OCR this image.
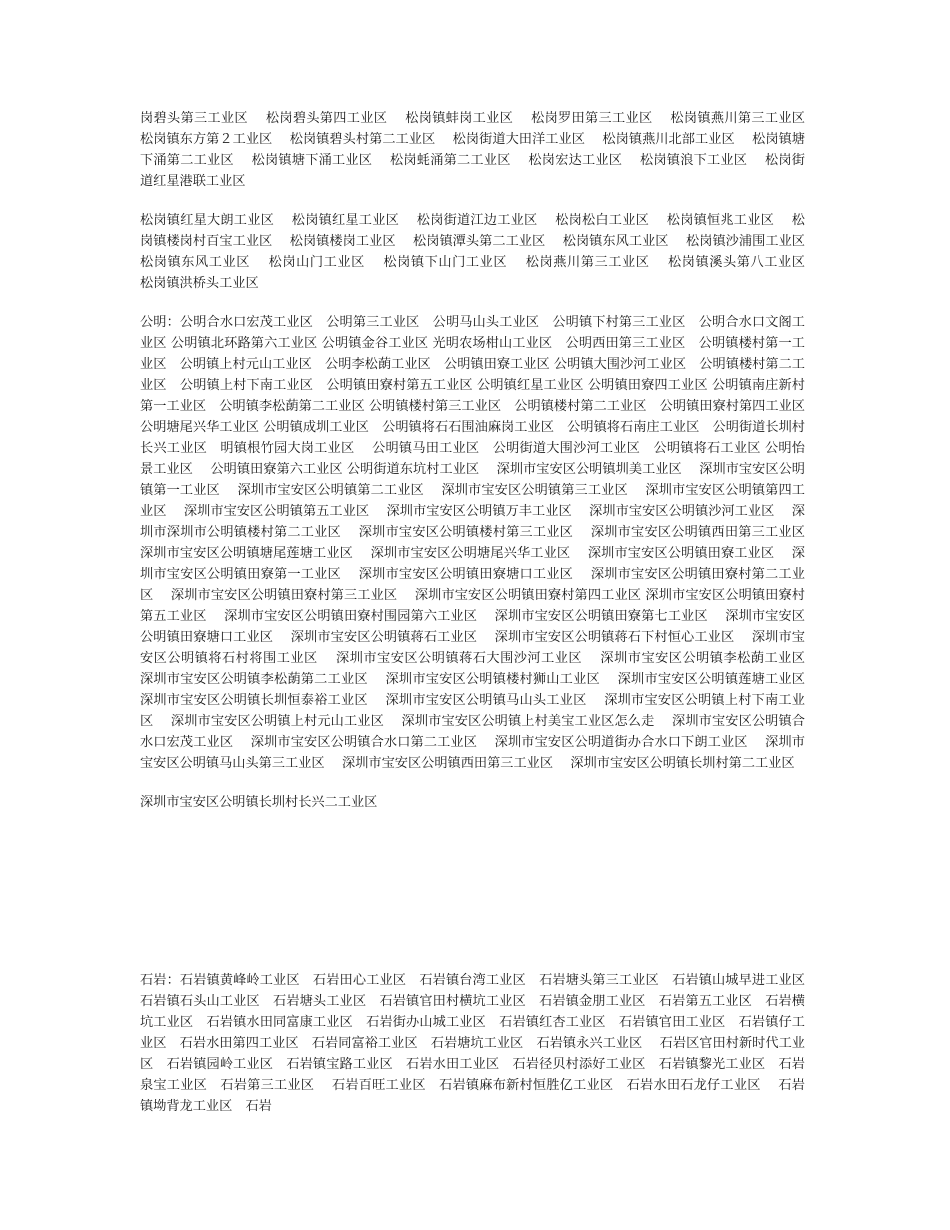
岗碧头第三工业区　 松岗碧头第四工业区　 松岗镇蚌岗工业区　 松岗罗田第三工业区　 松岗镇燕川第三工业区　 松岗镇东方第２工业区　 松岗镇碧头村第二工业区　 松岗街道大田洋工业区　 松岗镇燕川北部工业区　 松岗镇塘下涌第二工业区　 松岗镇塘下涌工业区　 松岗蚝涌第二工业区　 松岗宏达工业区　 松岗镇浪下工业区　 松岗街道红星港联工业区

松岗镇红星大朗工业区　 松岗镇红星工业区　 松岗街道江边工业区　 松岗松白工业区　 松岗镇恒兆工业区　 松岗镇楼岗村百宝工业区　 松岗镇楼岗工业区　 松岗镇潭头第二工业区　 松岗镇东风工业区　 松岗镇沙浦围工业区　 松岗镇东风工业区　 松岗山门工业区　 松岗镇下山门工业区　 松岗燕川第三工业区　 松岗镇溪头第八工业区　 松岗镇洪桥头工业区

公明：公明合水口宏茂工业区　公明第三工业区　公明马山头工业区　公明镇下村第三工业区　公明合水口文阁工业区 公明镇北环路第六工业区 公明镇金谷工业区 光明农场柑山工业区　公明西田第三工业区　公明镇楼村第一工业区　公明镇上村元山工业区　公明李松蓢工业区　公明镇田寮工业区 公明镇大围沙河工业区　公明镇楼村第二工业区　公明镇上村下南工业区　公明镇田寮村第五工业区 公明镇红星工业区 公明镇田寮四工业区 公明镇南庄新村第一工业区　公明镇李松蓢第二工业区 公明镇楼村第三工业区　公明镇楼村第二工业区　公明镇田寮村第四工业区　公明塘尾兴华工业区 公明镇成圳工业区　公明镇将石石围油麻岗工业区　公明镇将石南庄工业区　公明街道长圳村长兴工业区　明镇根竹园大岗工业区　 公明镇马田工业区　公明街道大围沙河工业区　公明镇将石工业区 公明怡景工业区　 公明镇田寮第六工业区 公明街道东坑村工业区　 深圳市宝安区公明镇圳美工业区　 深圳市宝安区公明镇第一工业区　 深圳市宝安区公明镇第二工业区　 深圳市宝安区公明镇第三工业区　 深圳市宝安区公明镇第四工业区　 深圳市宝安区公明镇第五工业区　 深圳市宝安区公明镇万丰工业区　 深圳市宝安区公明镇沙河工业区　 深圳市深圳市公明镇楼村第二工业区　 深圳市宝安区公明镇楼村第三工业区　 深圳市宝安区公明镇西田第三工业区　 深圳市宝安区公明镇塘尾莲塘工业区　 深圳市宝安区公明塘尾兴华工业区　 深圳市宝安区公明镇田寮工业区　 深圳市宝安区公明镇田寮第一工业区　 深圳市宝安区公明镇田寮塘口工业区　 深圳市宝安区公明镇田寮村第二工业区　 深圳市宝安区公明镇田寮村第三工业区　 深圳市宝安区公明镇田寮村第四工业区 深圳市宝安区公明镇田寮村第五工业区　 深圳市宝安区公明镇田寮村围园第六工业区　 深圳市宝安区公明镇田寮第七工业区　 深圳市宝安区公明镇田寮塘口工业区　 深圳市宝安区公明镇蒋石工业区　 深圳市宝安区公明镇蒋石下村恒心工业区　 深圳市宝安区公明镇将石村将围工业区　 深圳市宝安区公明镇蒋石大围沙河工业区　 深圳市宝安区公明镇李松蓢工业区　 深圳市宝安区公明镇李松蓢第二工业区　 深圳市宝安区公明镇楼村狮山工业区　 深圳市宝安区公明镇莲塘工业区　 深圳市宝安区公明镇长圳恒泰裕工业区　 深圳市宝安区公明镇马山头工业区　 深圳市宝安区公明镇上村下南工业区　 深圳市宝安区公明镇上村元山工业区　 深圳市宝安区公明镇上村美宝工业区怎么走　 深圳市宝安区公明镇合水口宏茂工业区　 深圳市宝安区公明镇合水口第二工业区　 深圳市宝安区公明道街办合水口下朗工业区　 深圳市宝安区公明镇马山头第三工业区　 深圳市宝安区公明镇西田第三工业区　 深圳市宝安区公明镇长圳村第二工业区

深圳市宝安区公明镇长圳村长兴二工业区

石岩：石岩镇黄峰岭工业区　石岩田心工业区　石岩镇台湾工业区　石岩塘头第三工业区　石岩镇山城早进工业区　石岩镇石头山工业区　石岩塘头工业区　石岩镇官田村横坑工业区　石岩镇金朋工业区　石岩第五工业区　石岩横坑工业区　石岩镇水田同富康工业区　石岩街办山城工业区　石岩镇红杏工业区　石岩镇官田工业区　石岩镇仔工业区　石岩水田第四工业区　石岩同富裕工业区　石岩塘坑工业区　石岩镇永兴工业区　 石岩区官田村新时代工业区　石岩镇园岭工业区　石岩镇宝路工业区　石岩水田工业区　石岩径贝村添好工业区　石岩镇黎光工业区　石岩泉宝工业区　石岩第三工业区　 石岩百旺工业区　石岩镇麻布新村恒胜亿工业区　石岩水田石龙仔工业区　 石岩镇坳背龙工业区　石岩
